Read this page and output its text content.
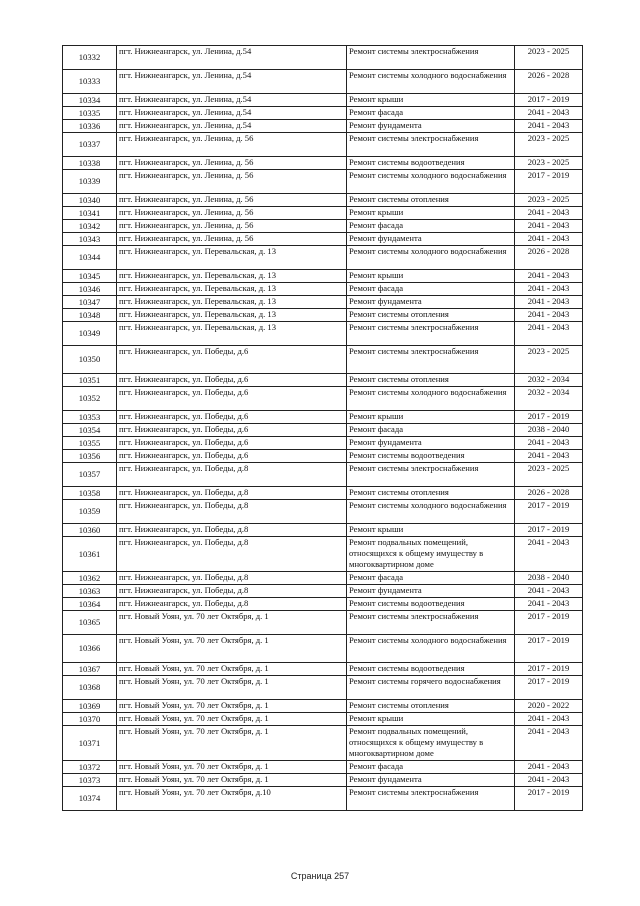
10332	пгт. Нижнеангарск, ул. Ленина, д.54	Ремонт системы электроснабжения	2023 - 2025
10333	пгт. Нижнеангарск, ул. Ленина, д.54	Ремонт системы холодного водоснабжения	2026 - 2028
10334	пгт. Нижнеангарск, ул. Ленина, д.54	Ремонт крыши	2017 - 2019
10335	пгт. Нижнеангарск, ул. Ленина, д.54	Ремонт фасада	2041 - 2043
10336	пгт. Нижнеангарск, ул. Ленина, д.54	Ремонт фундамента	2041 - 2043
10337	пгт. Нижнеангарск, ул. Ленина, д. 56	Ремонт системы электроснабжения	2023 - 2025
10338	пгт. Нижнеангарск, ул. Ленина, д. 56	Ремонт системы водоотведения	2023 - 2025
10339	пгт. Нижнеангарск, ул. Ленина, д. 56	Ремонт системы холодного водоснабжения	2017 - 2019
10340	пгт. Нижнеангарск, ул. Ленина, д. 56	Ремонт системы отопления	2023 - 2025
10341	пгт. Нижнеангарск, ул. Ленина, д. 56	Ремонт крыши	2041 - 2043
10342	пгт. Нижнеангарск, ул. Ленина, д. 56	Ремонт фасада	2041 - 2043
10343	пгт. Нижнеангарск, ул. Ленина, д. 56	Ремонт фундамента	2041 - 2043
10344	пгт. Нижнеангарск, ул. Перевальская, д. 13	Ремонт системы холодного водоснабжения	2026 - 2028
10345	пгт. Нижнеангарск, ул. Перевальская, д. 13	Ремонт крыши	2041 - 2043
10346	пгт. Нижнеангарск, ул. Перевальская, д. 13	Ремонт фасада	2041 - 2043
10347	пгт. Нижнеангарск, ул. Перевальская, д. 13	Ремонт фундамента	2041 - 2043
10348	пгт. Нижнеангарск, ул. Перевальская, д. 13	Ремонт системы отопления	2041 - 2043
10349	пгт. Нижнеангарск, ул. Перевальская, д. 13	Ремонт системы электроснабжения	2041 - 2043
10350	пгт. Нижнеангарск, ул. Победы, д.6	Ремонт системы электроснабжения	2023 - 2025
10351	пгт. Нижнеангарск, ул. Победы, д.6	Ремонт системы отопления	2032 - 2034
10352	пгт. Нижнеангарск, ул. Победы, д.6	Ремонт системы холодного водоснабжения	2032 - 2034
10353	пгт. Нижнеангарск, ул. Победы, д.6	Ремонт крыши	2017 - 2019
10354	пгт. Нижнеангарск, ул. Победы, д.6	Ремонт фасада	2038 - 2040
10355	пгт. Нижнеангарск, ул. Победы, д.6	Ремонт фундамента	2041 - 2043
10356	пгт. Нижнеангарск, ул. Победы, д.6	Ремонт системы водоотведения	2041 - 2043
10357	пгт. Нижнеангарск, ул. Победы, д.8	Ремонт системы электроснабжения	2023 - 2025
10358	пгт. Нижнеангарск, ул. Победы, д.8	Ремонт системы отопления	2026 - 2028
10359	пгт. Нижнеангарск, ул. Победы, д.8	Ремонт системы холодного водоснабжения	2017 - 2019
10360	пгт. Нижнеангарск, ул. Победы, д.8	Ремонт крыши	2017 - 2019
10361	пгт. Нижнеангарск, ул. Победы, д.8	Ремонт подвальных помещений, относящихся к общему имуществу в многоквартирном доме	2041 - 2043
10362	пгт. Нижнеангарск, ул. Победы, д.8	Ремонт фасада	2038 - 2040
10363	пгт. Нижнеангарск, ул. Победы, д.8	Ремонт фундамента	2041 - 2043
10364	пгт. Нижнеангарск, ул. Победы, д.8	Ремонт системы водоотведения	2041 - 2043
10365	пгт. Новый Уоян, ул. 70 лет Октября, д. 1	Ремонт системы электроснабжения	2017 - 2019
10366	пгт. Новый Уоян, ул. 70 лет Октября, д. 1	Ремонт системы холодного водоснабжения	2017 - 2019
10367	пгт. Новый Уоян, ул. 70 лет Октября, д. 1	Ремонт системы водоотведения	2017 - 2019
10368	пгт. Новый Уоян, ул. 70 лет Октября, д. 1	Ремонт системы горячего водоснабжения	2017 - 2019
10369	пгт. Новый Уоян, ул. 70 лет Октября, д. 1	Ремонт системы отопления	2020 - 2022
10370	пгт. Новый Уоян, ул. 70 лет Октября, д. 1	Ремонт крыши	2041 - 2043
10371	пгт. Новый Уоян, ул. 70 лет Октября, д. 1	Ремонт подвальных помещений, относящихся к общему имуществу в многоквартирном доме	2041 - 2043
10372	пгт. Новый Уоян, ул. 70 лет Октября, д. 1	Ремонт фасада	2041 - 2043
10373	пгт. Новый Уоян, ул. 70 лет Октября, д. 1	Ремонт фундамента	2041 - 2043
10374	пгт. Новый Уоян, ул. 70 лет Октября, д.10	Ремонт системы электроснабжения	2017 - 2019
Страница 257
